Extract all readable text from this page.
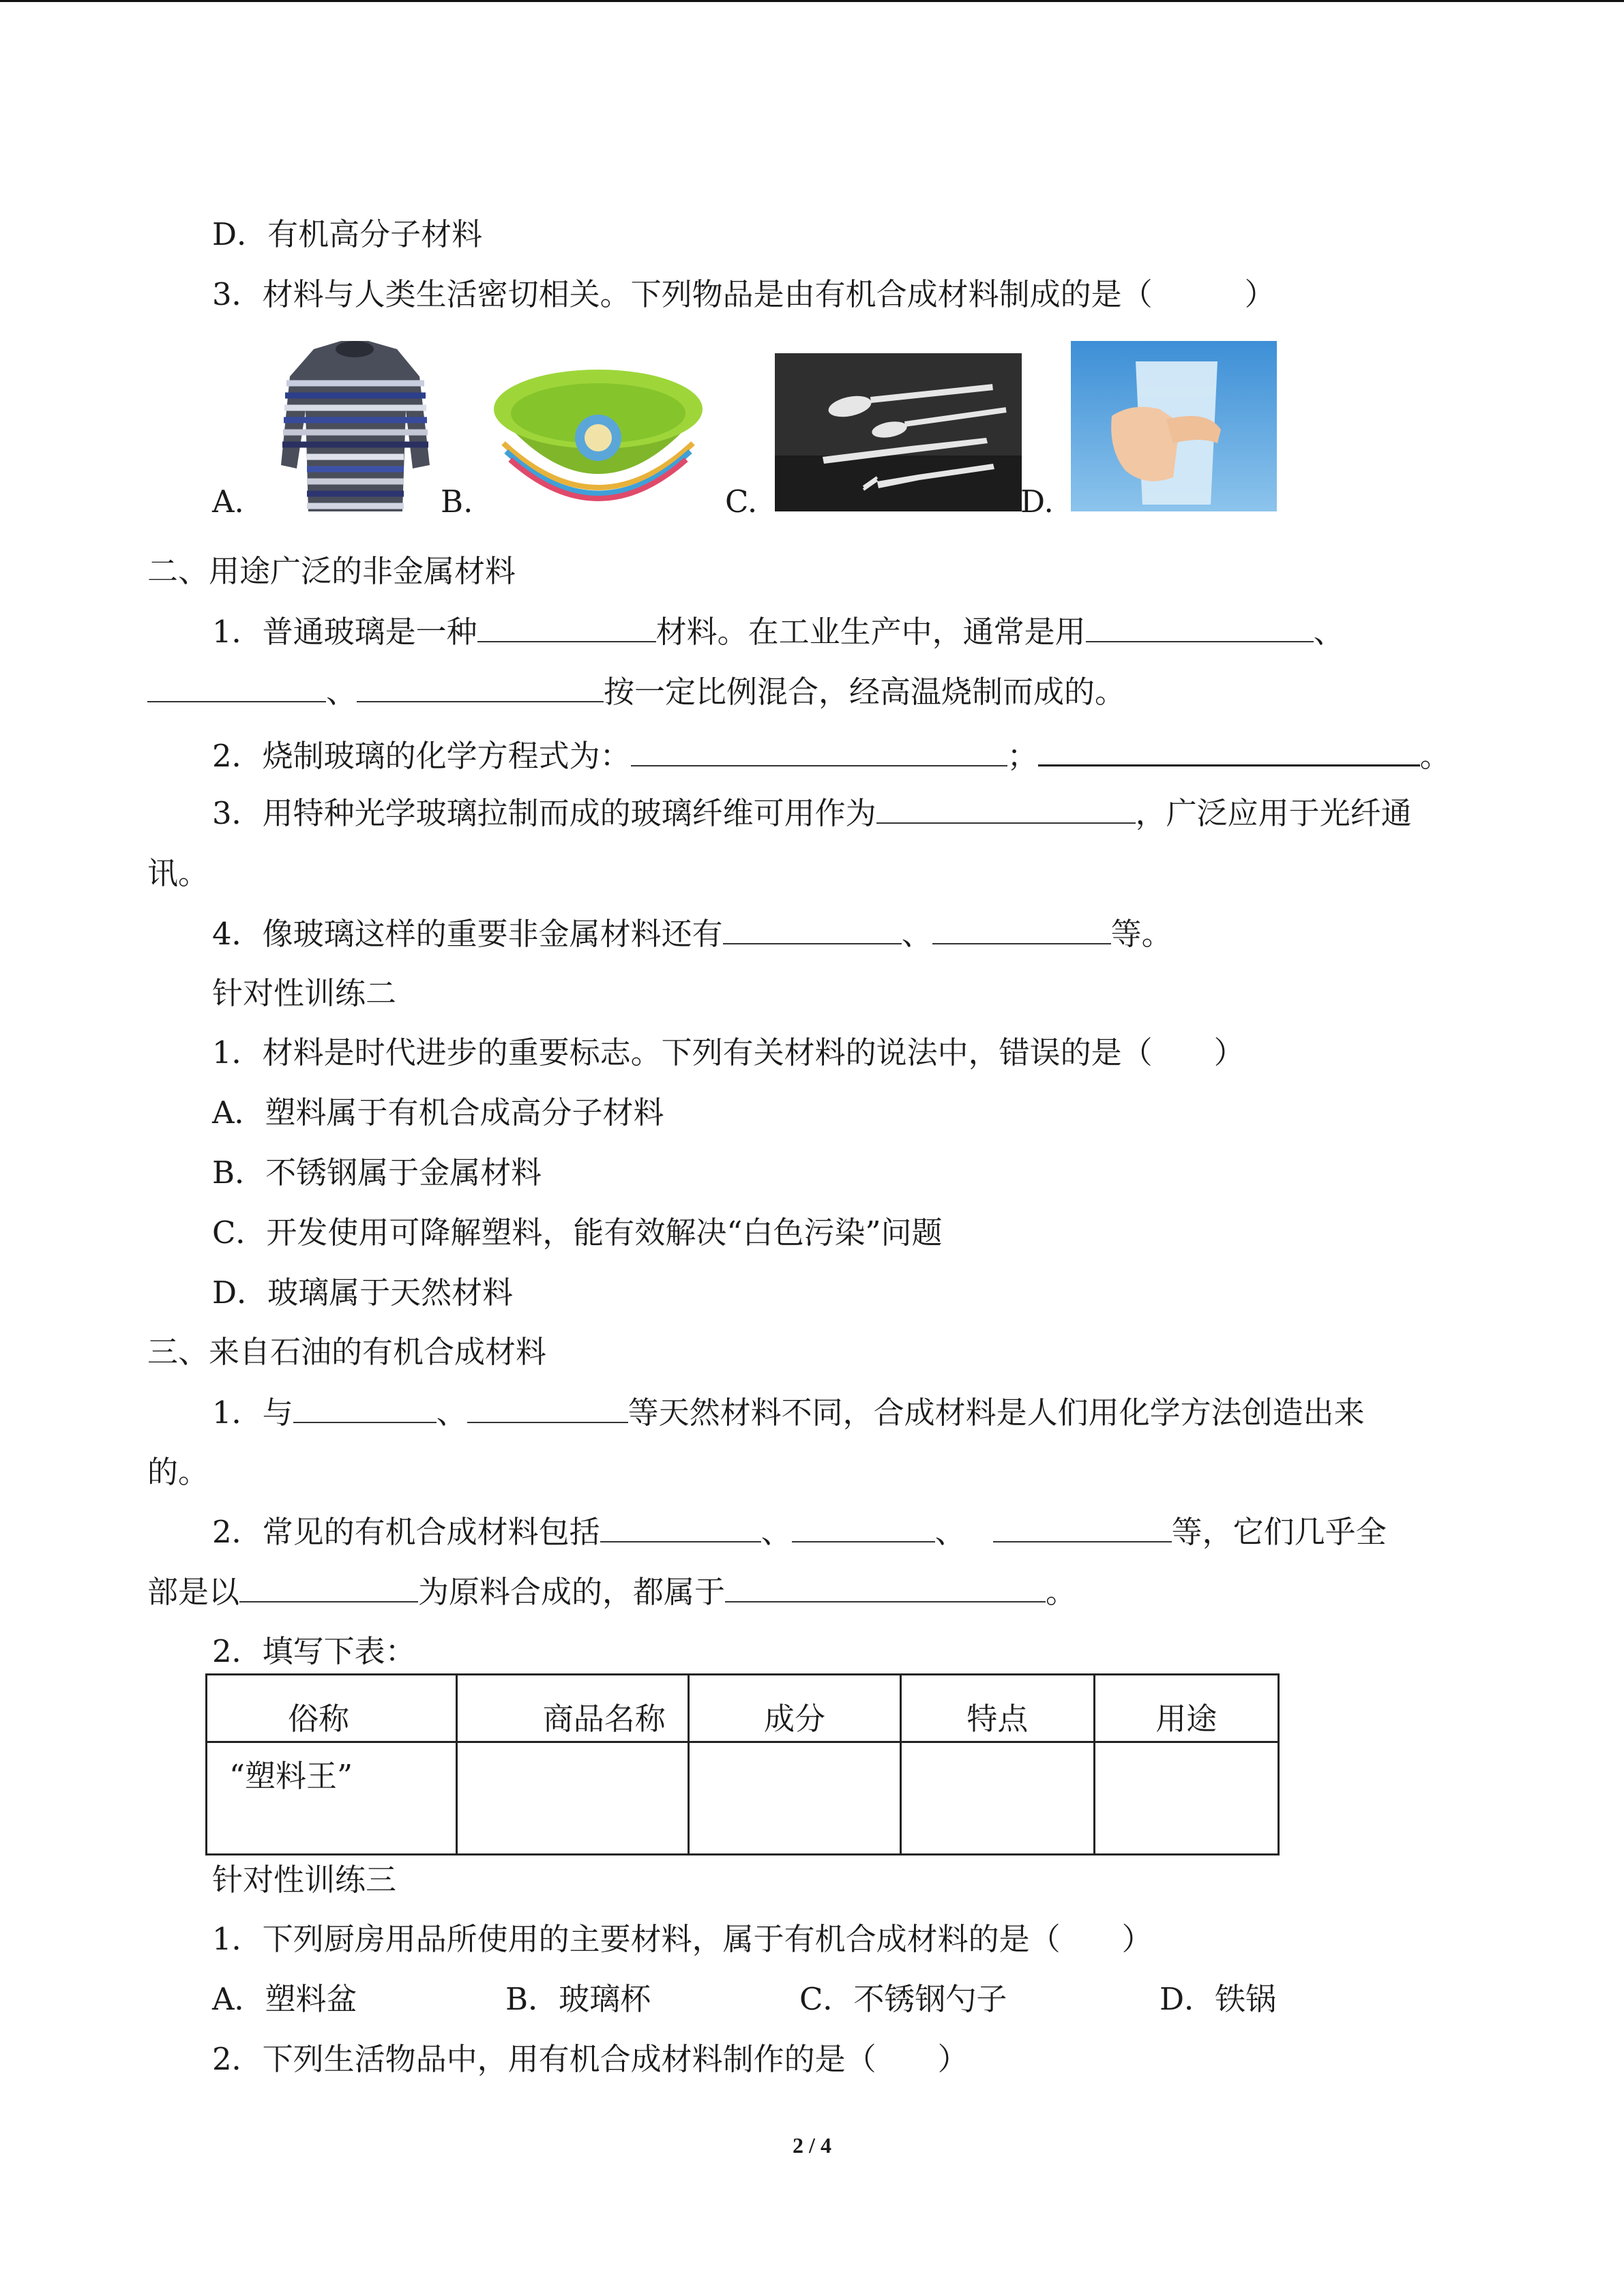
D．有机高分子材料
3．材料与人类生活密切相关。下列物品是由有机合成材料制成的是（　　　）
A.	B.	C.	D.
二、用途广泛的非金属材料
1．普通玻璃是一种	材料。在工业生产中，通常是用	、
、	按一定比例混合，经高温烧制而成的。
2．烧制玻璃的化学方程式为：	；	。
3．用特种光学玻璃拉制而成的玻璃纤维可用作为	，广泛应用于光纤通
讯。
4．像玻璃这样的重要非金属材料还有	、	等。
针对性训练二
1．材料是时代进步的重要标志。下列有关材料的说法中，错误的是（　　）
A．塑料属于有机合成高分子材料
B．不锈钢属于金属材料
C．开发使用可降解塑料，能有效解决“白色污染”问题
D．玻璃属于天然材料
三、来自石油的有机合成材料
1．与	、	等天然材料不同，合成材料是人们用化学方法创造出来
的。
2．常见的有机合成材料包括	、	、	等，它们几乎全
部是以	为原料合成的，都属于	。
2．填写下表：
俗称	商品名称	成分	特点	用途
“塑料王”				
针对性训练三
1．下列厨房用品所使用的主要材料，属于有机合成材料的是（　　）
A．塑料盆	B．玻璃杯	C．不锈钢勺子	D．铁锅
2．下列生活物品中，用有机合成材料制作的是（　　）
2 / 4
